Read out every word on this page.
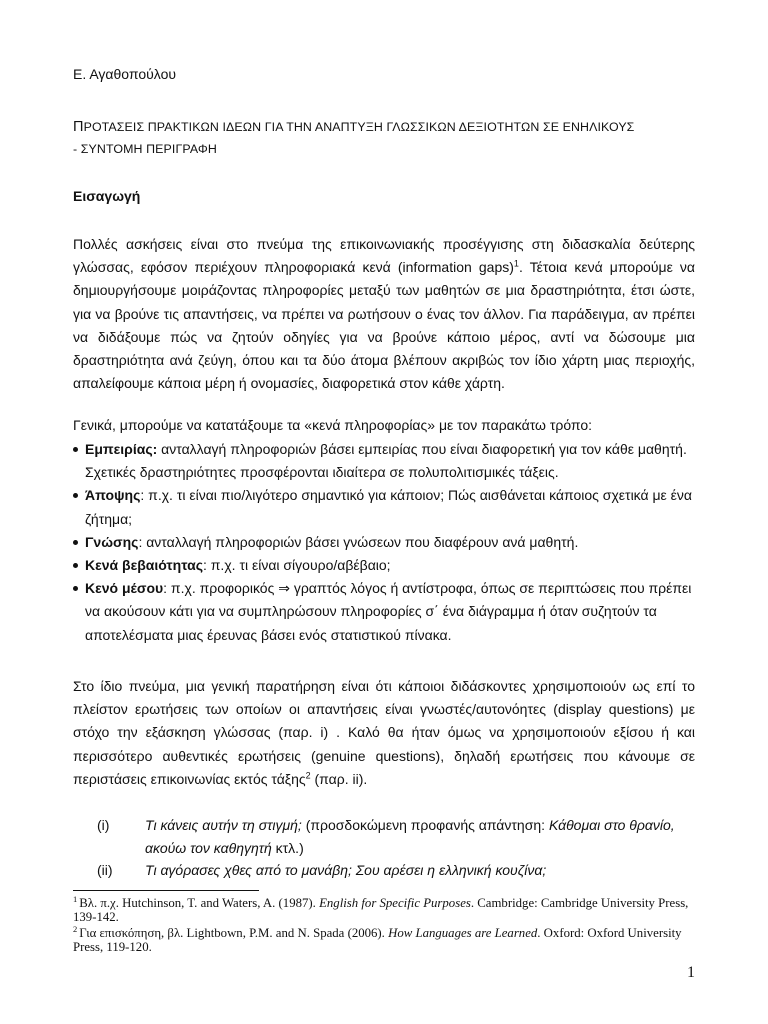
Ε. Αγαθοπούλου
ΠΡΟΤΑΣΕΙΣ ΠΡΑΚΤΙΚΩΝ ΙΔΕΩΝ ΓΙΑ ΤΗΝ ΑΝΑΠΤΥΞΗ ΓΛΩΣΣΙΚΩΝ ΔΕΞΙΟΤΗΤΩΝ ΣΕ ΕΝΗΛΙΚΟΥΣ
- ΣΥΝΤΟΜΗ ΠΕΡΙΓΡΑΦΗ
Εισαγωγή
Πολλές ασκήσεις είναι στο πνεύμα της επικοινωνιακής προσέγγισης στη διδασκαλία δεύτερης γλώσσας, εφόσον περιέχουν πληροφοριακά κενά (information gaps)$^1$. Τέτοια κενά μπορούμε να δημιουργήσουμε μοιράζοντας πληροφορίες μεταξύ των μαθητών σε μια δραστηριότητα, έτσι ώστε, για να βρούνε τις απαντήσεις, να πρέπει να ρωτήσουν ο ένας τον άλλον. Για παράδειγμα, αν πρέπει να διδάξουμε πώς να ζητούν οδηγίες για να βρούνε κάποιο μέρος, αντί να δώσουμε μια δραστηριότητα ανά ζεύγη, όπου και τα δύο άτομα βλέπουν ακριβώς τον ίδιο χάρτη μιας περιοχής, απαλείφουμε κάποια μέρη ή ονομασίες, διαφορετικά στον κάθε χάρτη.
Γενικά, μπορούμε να κατατάξουμε τα «κενά πληροφορίας» με τον παρακάτω τρόπο:
Εμπειρίας: ανταλλαγή πληροφοριών βάσει εμπειρίας που είναι διαφορετική για τον κάθε μαθητή. Σχετικές δραστηριότητες προσφέρονται ιδιαίτερα σε πολυπολιτισμικές τάξεις.
Άποψης: π.χ. τι είναι πιο/λιγότερο σημαντικό για κάποιον; Πώς αισθάνεται κάποιος σχετικά με ένα ζήτημα;
Γνώσης: ανταλλαγή πληροφοριών βάσει γνώσεων που διαφέρουν ανά μαθητή.
Κενά βεβαιότητας: π.χ. τι είναι σίγουρο/αβέβαιο;
Κενό μέσου: π.χ. προφορικός ⇒ γραπτός λόγος ή αντίστροφα, όπως σε περιπτώσεις που πρέπει να ακούσουν κάτι για να συμπληρώσουν πληροφορίες σ΄ ένα διάγραμμα ή όταν συζητούν τα αποτελέσματα μιας έρευνας βάσει ενός στατιστικού πίνακα.
Στο ίδιο πνεύμα, μια γενική παρατήρηση είναι ότι κάποιοι διδάσκοντες χρησιμοποιούν ως επί το πλείστον ερωτήσεις των οποίων οι απαντήσεις είναι γνωστές/αυτονόητες (display questions) με στόχο την εξάσκηση γλώσσας (παρ. i) . Καλό θα ήταν όμως να χρησιμοποιούν εξίσου ή και περισσότερο αυθεντικές ερωτήσεις (genuine questions), δηλαδή ερωτήσεις που κάνουμε σε περιστάσεις επικοινωνίας εκτός τάξης$^2$ (παρ. ii).
(i)	Τι κάνεις αυτήν τη στιγμή; (προσδοκώμενη προφανής απάντηση: Κάθομαι στο θρανίο, ακούω τον καθηγητή κτλ.)
(ii)	Τι αγόρασες χθες από το μανάβη; Σου αρέσει η ελληνική κουζίνα;

$^1$ Βλ. π.χ. Hutchinson, T. and Waters, A. (1987). English for Specific Purposes. Cambridge: Cambridge University Press, 139-142.

$^2$ Για επισκόπηση, βλ. Lightbown, P.M. and N. Spada (2006). How Languages are Learned. Oxford: Oxford University Press, 119-120.

1
